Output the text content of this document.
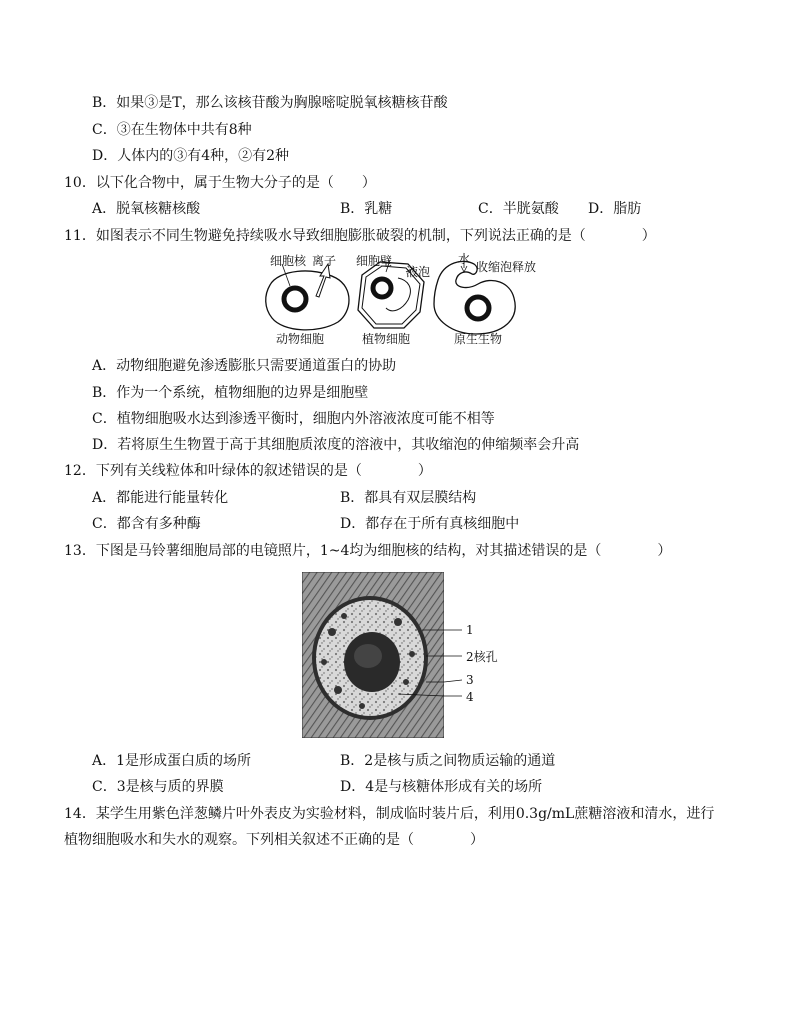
B．如果③是T，那么该核苷酸为胸腺嘧啶脱氧核糖核苷酸
C．③在生物体中共有8种
D．人体内的③有4种，②有2种
10．以下化合物中，属于生物大分子的是（　　）
A．脱氧核糖核酸	B．乳糖	C．半胱氨酸 D．脂肪
11．如图表示不同生物避免持续吸水导致细胞膨胀破裂的机制，下列说法正确的是（　　　　）
细胞核 离子 细胞壁
液泡
水
收缩泡释放
动物细胞	植物细胞	原生生物
A．动物细胞避免渗透膨胀只需要通道蛋白的协助
B．作为一个系统，植物细胞的边界是细胞壁
C．植物细胞吸水达到渗透平衡时，细胞内外溶液浓度可能不相等
D．若将原生生物置于高于其细胞质浓度的溶液中，其收缩泡的伸缩频率会升高
12．下列有关线粒体和叶绿体的叙述错误的是（　　　　）
A．都能进行能量转化	B．都具有双层膜结构
C．都含有多种酶	D．都存在于所有真核细胞中
13．下图是马铃薯细胞局部的电镜照片，1~4均为细胞核的结构，对其描述错误的是（　　　　）
1
2核孔
3
4
A．1是形成蛋白质的场所	B．2是核与质之间物质运输的通道
C．3是核与质的界膜	D．4是与核糖体形成有关的场所
14．某学生用紫色洋葱鳞片叶外表皮为实验材料，制成临时装片后，利用0.3g/mL蔗糖溶液和清水，进行
植物细胞吸水和失水的观察。下列相关叙述不正确的是（　　　　）
